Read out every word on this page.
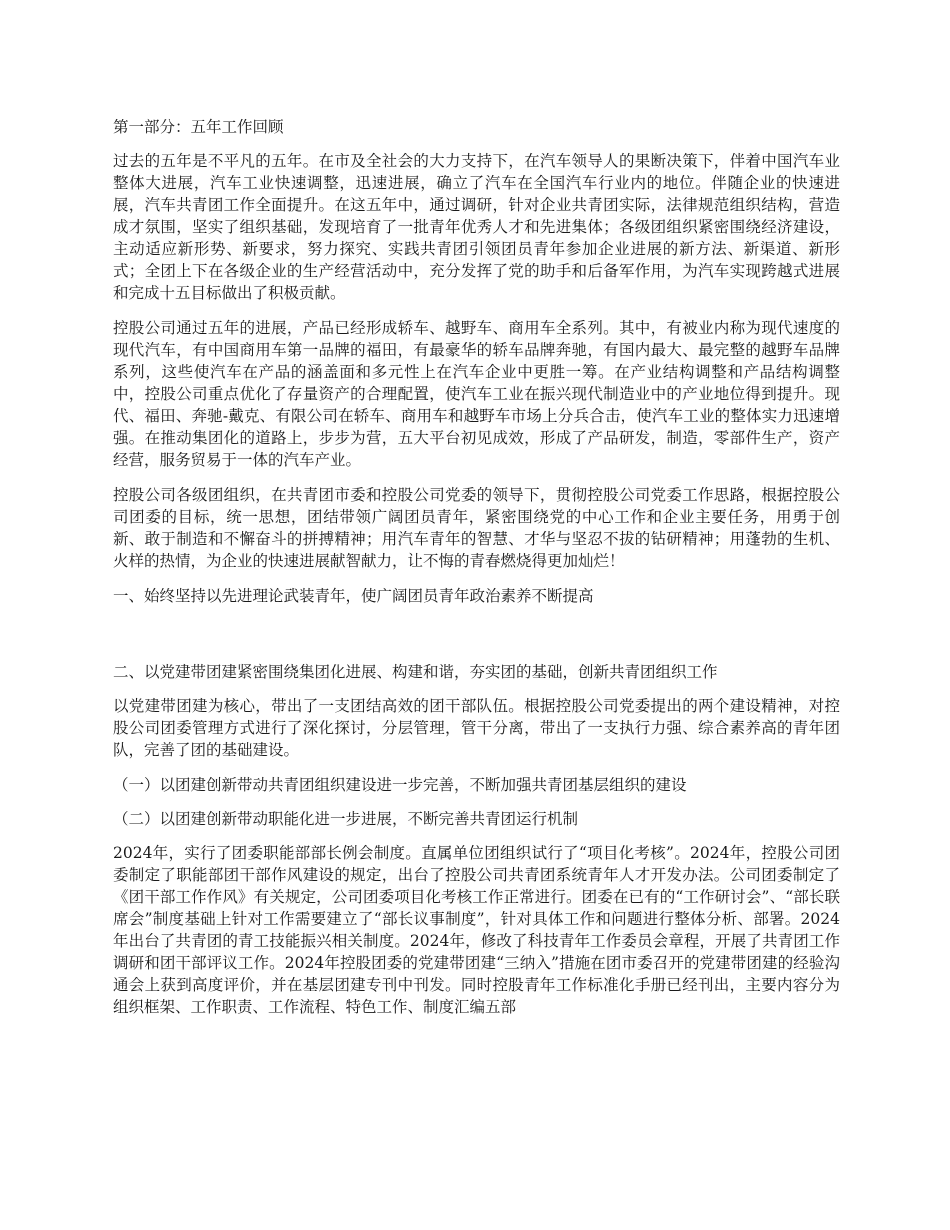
第一部分：五年工作回顾
过去的五年是不平凡的五年。在市及全社会的大力支持下，在汽车领导人的果断决策下，伴着中国汽车业整体大进展，汽车工业快速调整，迅速进展，确立了汽车在全国汽车行业内的地位。伴随企业的快速进展，汽车共青团工作全面提升。在这五年中，通过调研，针对企业共青团实际，法律规范组织结构，营造成才氛围，坚实了组织基础，发现培育了一批青年优秀人才和先进集体；各级团组织紧密围绕经济建设，主动适应新形势、新要求，努力探究、实践共青团引领团员青年参加企业进展的新方法、新渠道、新形式；全团上下在各级企业的生产经营活动中，充分发挥了党的助手和后备军作用，为汽车实现跨越式进展和完成十五目标做出了积极贡献。
控股公司通过五年的进展，产品已经形成轿车、越野车、商用车全系列。其中，有被业内称为现代速度的现代汽车，有中国商用车第一品牌的福田，有最豪华的轿车品牌奔驰，有国内最大、最完整的越野车品牌系列，这些使汽车在产品的涵盖面和多元性上在汽车企业中更胜一筹。在产业结构调整和产品结构调整中，控股公司重点优化了存量资产的合理配置，使汽车工业在振兴现代制造业中的产业地位得到提升。现代、福田、奔驰-戴克、有限公司在轿车、商用车和越野车市场上分兵合击，使汽车工业的整体实力迅速增强。在推动集团化的道路上，步步为营，五大平台初见成效，形成了产品研发，制造，零部件生产，资产经营，服务贸易于一体的汽车产业。
控股公司各级团组织，在共青团市委和控股公司党委的领导下，贯彻控股公司党委工作思路，根据控股公司团委的目标，统一思想，团结带领广阔团员青年，紧密围绕党的中心工作和企业主要任务，用勇于创新、敢于制造和不懈奋斗的拼搏精神；用汽车青年的智慧、才华与坚忍不拔的钻研精神；用蓬勃的生机、火样的热情，为企业的快速进展献智献力，让不悔的青春燃烧得更加灿烂！
一、始终坚持以先进理论武装青年，使广阔团员青年政治素养不断提高
二、以党建带团建紧密围绕集团化进展、构建和谐，夯实团的基础，创新共青团组织工作
以党建带团建为核心，带出了一支团结高效的团干部队伍。根据控股公司党委提出的两个建设精神，对控股公司团委管理方式进行了深化探讨，分层管理，管干分离，带出了一支执行力强、综合素养高的青年团队，完善了团的基础建设。
（一）以团建创新带动共青团组织建设进一步完善，不断加强共青团基层组织的建设
（二）以团建创新带动职能化进一步进展，不断完善共青团运行机制
2024年，实行了团委职能部部长例会制度。直属单位团组织试行了“项目化考核”。2024年，控股公司团委制定了职能部团干部作风建设的规定，出台了控股公司共青团系统青年人才开发办法。公司团委制定了《团干部工作作风》有关规定，公司团委项目化考核工作正常进行。团委在已有的“工作研讨会”、“部长联席会”制度基础上针对工作需要建立了“部长议事制度”，针对具体工作和问题进行整体分析、部署。2024年出台了共青团的青工技能振兴相关制度。2024年，修改了科技青年工作委员会章程，开展了共青团工作调研和团干部评议工作。2024年控股团委的党建带团建“三纳入”措施在团市委召开的党建带团建的经验沟通会上获到高度评价，并在基层团建专刊中刊发。同时控股青年工作标准化手册已经刊出，主要内容分为组织框架、工作职责、工作流程、特色工作、制度汇编五部
